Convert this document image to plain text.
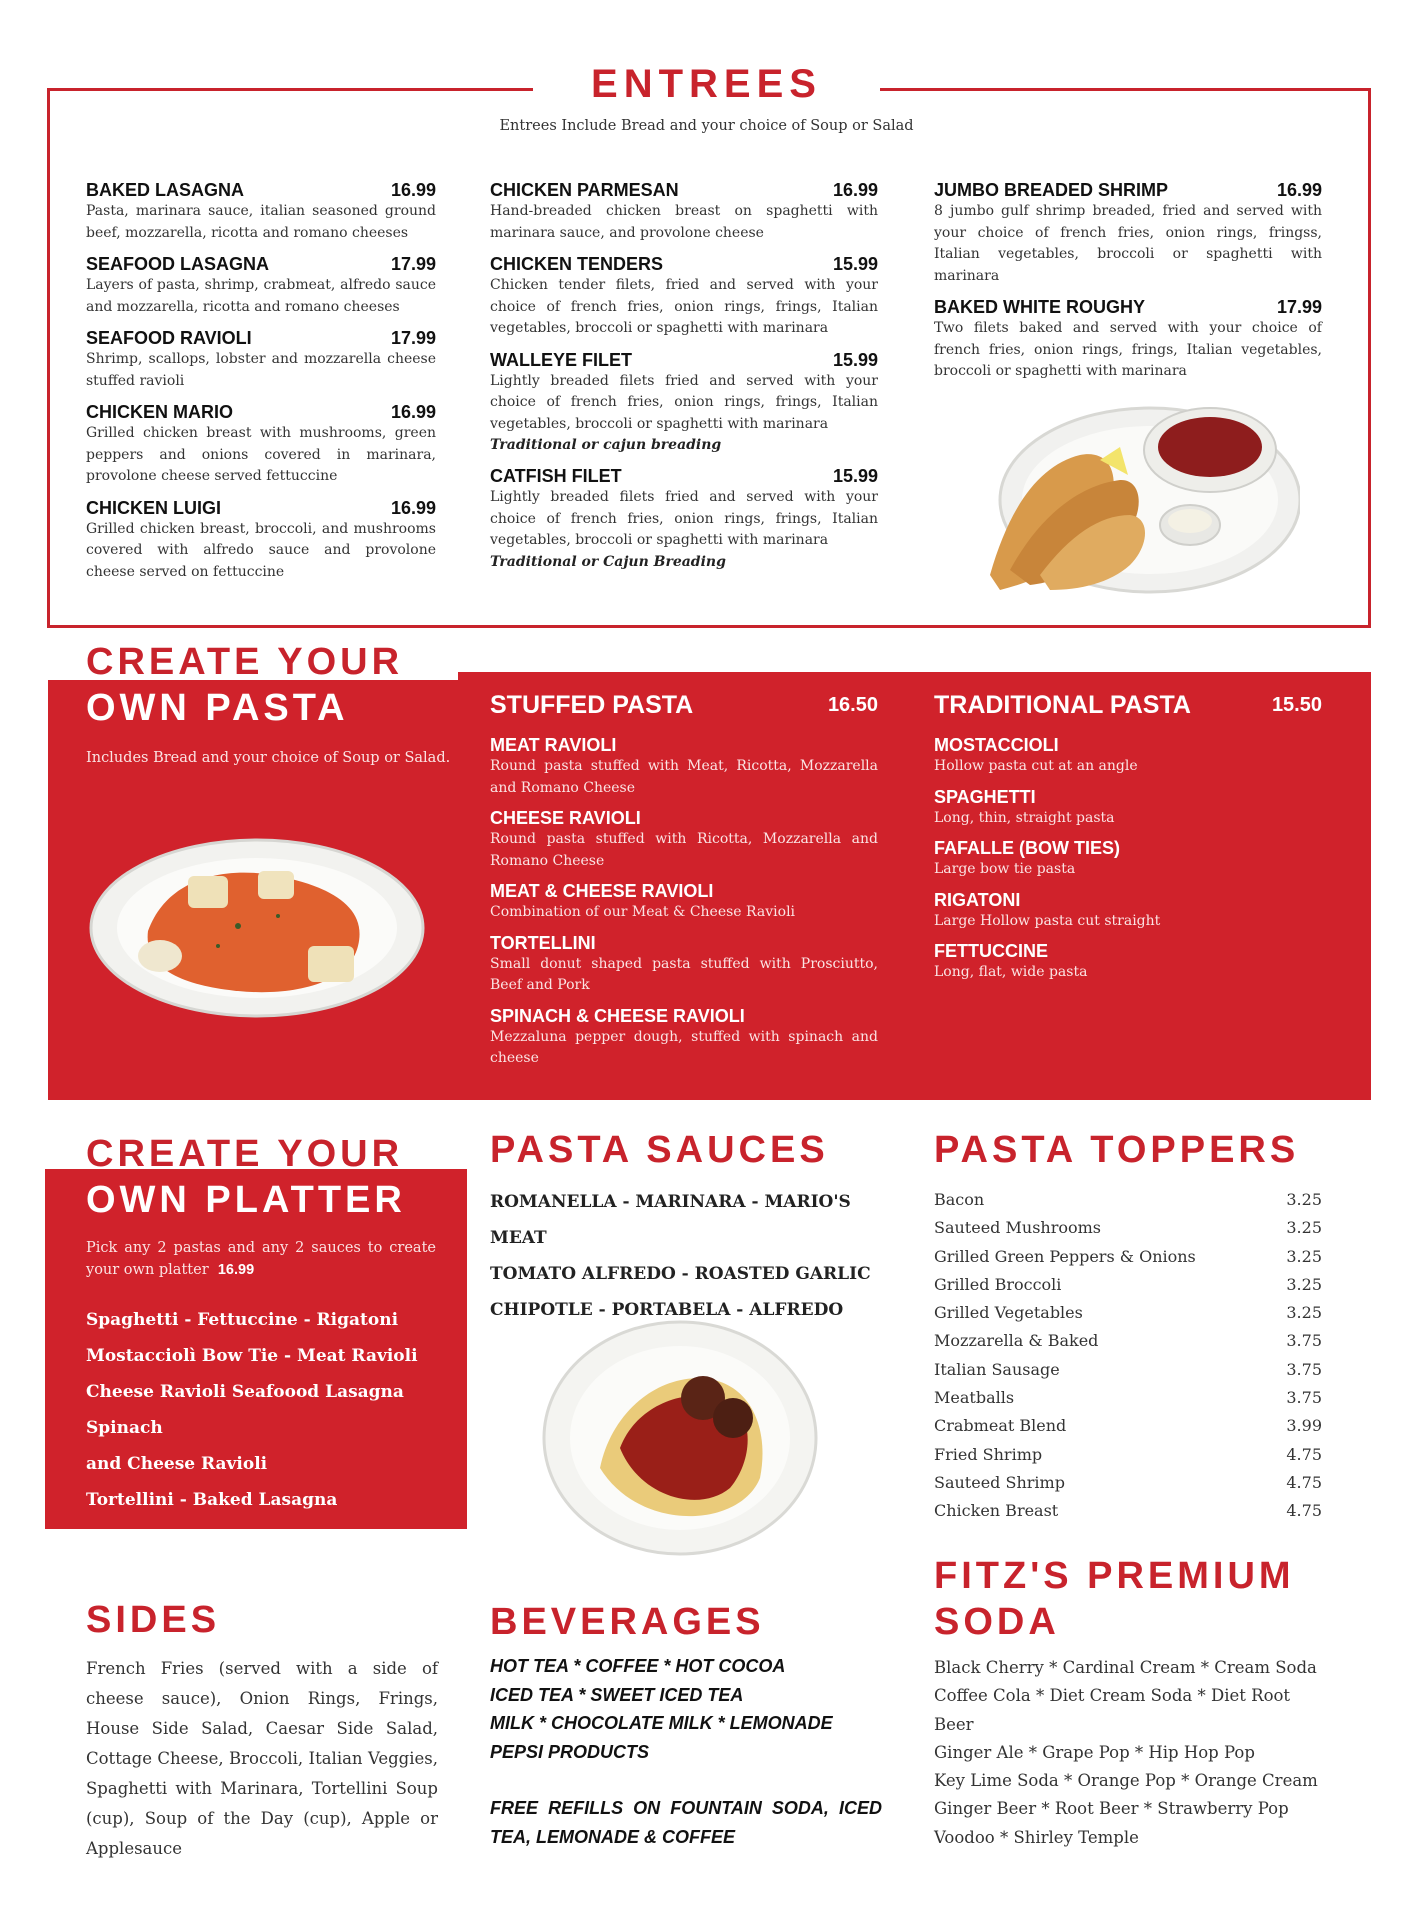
ENTREES
Entrees Include Bread and your choice of Soup or Salad
BAKED LASAGNA	16.99
Pasta, marinara sauce, italian seasoned ground beef, mozzarella, ricotta and romano cheeses
SEAFOOD LASAGNA	17.99
Layers of pasta, shrimp, crabmeat, alfredo sauce and mozzarella, ricotta and romano cheeses
SEAFOOD RAVIOLI	17.99
Shrimp, scallops, lobster and mozzarella cheese stuffed ravioli
CHICKEN MARIO	16.99
Grilled chicken breast with mushrooms, green peppers and onions covered in marinara, provolone cheese served fettuccine
CHICKEN LUIGI	16.99
Grilled chicken breast, broccoli, and mushrooms covered with alfredo sauce and provolone cheese served on fettuccine
CHICKEN PARMESAN	16.99
Hand-breaded chicken breast on spaghetti with marinara sauce, and provolone cheese
CHICKEN TENDERS	15.99
Chicken tender filets, fried and served with your choice of french fries, onion rings, frings, Italian vegetables, broccoli or spaghetti with marinara
WALLEYE FILET	15.99
Lightly breaded filets fried and served with your choice of french fries, onion rings, frings, Italian vegetables, broccoli or spaghetti with marinara
Traditional or cajun breading
CATFISH FILET	15.99
Lightly breaded filets fried and served with your choice of french fries, onion rings, frings, Italian vegetables, broccoli or spaghetti with marinara
Traditional or Cajun Breading
JUMBO BREADED SHRIMP	16.99
8 jumbo gulf shrimp breaded, fried and served with your choice of french fries, onion rings, fringss, Italian vegetables, broccoli or spaghetti with marinara
BAKED WHITE ROUGHY	17.99
Two filets baked and served with your choice of french fries, onion rings, frings, Italian vegetables, broccoli or spaghetti with marinara
CREATE YOUR
OWN PASTA
Includes Bread and your choice of Soup or Salad.
STUFFED PASTA	16.50
MEAT RAVIOLI
Round pasta stuffed with Meat, Ricotta, Mozzarella and Romano Cheese
CHEESE RAVIOLI
Round pasta stuffed with Ricotta, Mozzarella and Romano Cheese
MEAT & CHEESE RAVIOLI
Combination of our Meat & Cheese Ravioli
TORTELLINI
Small donut shaped pasta stuffed with Prosciutto, Beef and Pork
SPINACH & CHEESE RAVIOLI
Mezzaluna pepper dough, stuffed with spinach and cheese
TRADITIONAL PASTA	15.50
MOSTACCIOLI
Hollow pasta cut at an angle
SPAGHETTI
Long, thin, straight pasta
FAFALLE (BOW TIES)
Large bow tie pasta
RIGATONI
Large Hollow pasta cut straight
FETTUCCINE
Long, flat, wide pasta
CREATE YOUR
OWN PLATTER
Pick any 2 pastas and any 2 sauces to create your own platter 16.99
Spaghetti - Fettuccine - Rigatoni
Mostacciolì Bow Tie - Meat Ravioli
Cheese Ravioli Seafoood Lasagna Spinach
and Cheese Ravioli
Tortellini - Baked Lasagna
PASTA SAUCES
ROMANELLA - MARINARA - MARIO'S MEAT
TOMATO ALFREDO - ROASTED GARLIC
CHIPOTLE - PORTABELA - ALFREDO
PASTA TOPPERS
Bacon	3.25
Sauteed Mushrooms	3.25
Grilled Green Peppers & Onions	3.25
Grilled Broccoli	3.25
Grilled Vegetables	3.25
Mozzarella & Baked	3.75
Italian Sausage	3.75
Meatballs	3.75
Crabmeat Blend	3.99
Fried Shrimp	4.75
Sauteed Shrimp	4.75
Chicken Breast	4.75
SIDES
French Fries (served with a side of cheese sauce), Onion Rings, Frings, House Side Salad, Caesar Side Salad, Cottage Cheese, Broccoli, Italian Veggies, Spaghetti with Marinara, Tortellini Soup (cup), Soup of the Day (cup), Apple or Applesauce
BEVERAGES
HOT TEA * COFFEE * HOT COCOA
ICED TEA * SWEET ICED TEA
MILK * CHOCOLATE MILK * LEMONADE
PEPSI PRODUCTS
FREE REFILLS ON FOUNTAIN SODA, ICED TEA, LEMONADE & COFFEE
FITZ'S PREMIUM
SODA
Black Cherry * Cardinal Cream * Cream Soda
Coffee Cola * Diet Cream Soda * Diet Root Beer
Ginger Ale * Grape Pop * Hip Hop Pop
Key Lime Soda * Orange Pop * Orange Cream
Ginger Beer * Root Beer * Strawberry Pop
Voodoo * Shirley Temple
